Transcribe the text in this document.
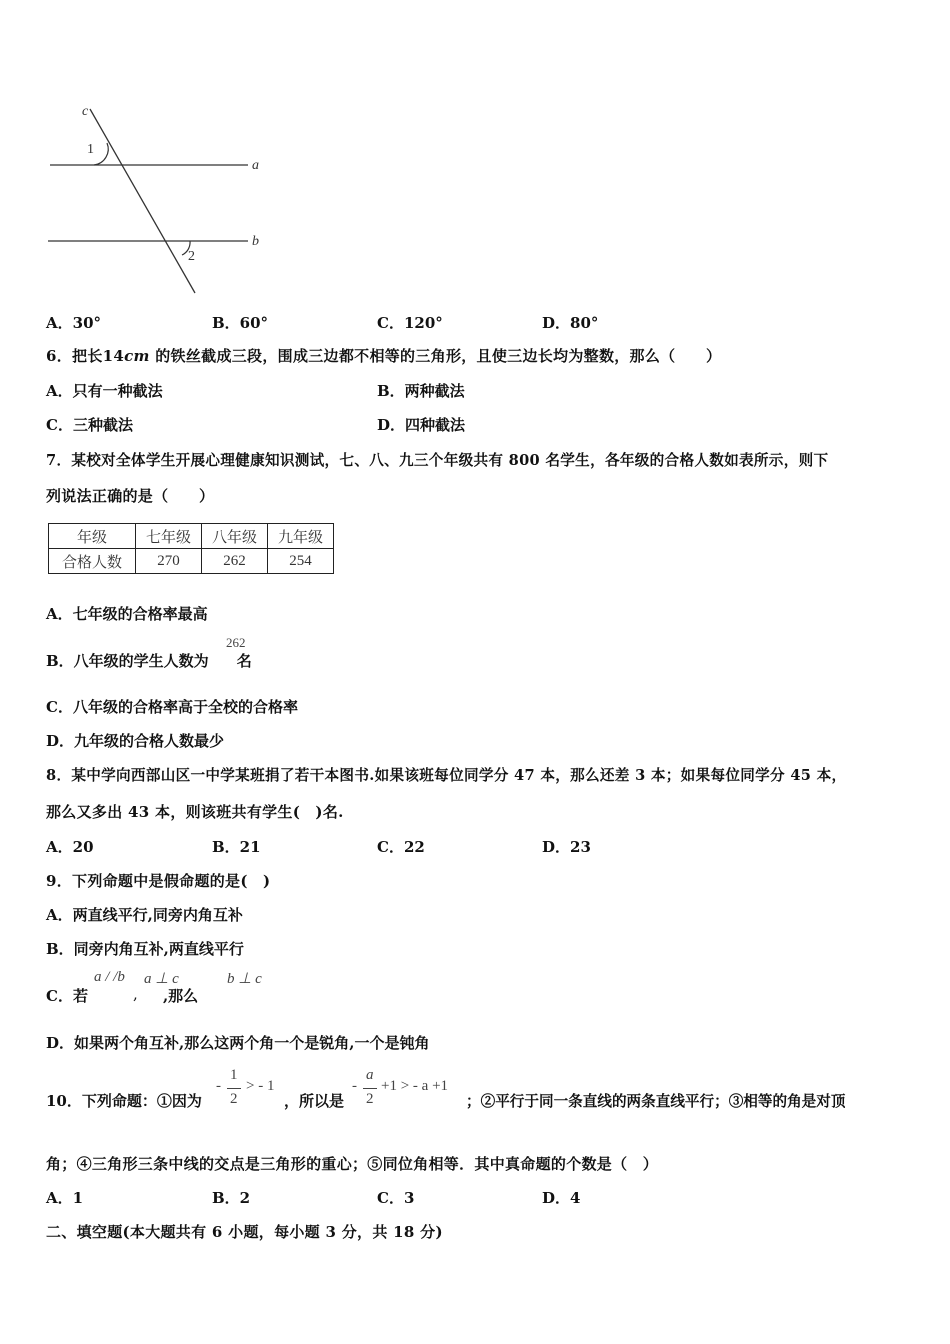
c
a
b
1
2
A．30°	B．60°	C．120°	D．80°
6．把长14cm 的铁丝截成三段，围成三边都不相等的三角形，且使三边长均为整数，那么（　　）
A．只有一种截法	B．两种截法
C．三种截法	D．四种截法
7．某校对全体学生开展心理健康知识测试，七、八、九三个年级共有 800 名学生，各年级的合格人数如表所示，则下
列说法正确的是（　　）
年级	七年级	八年级	九年级
合格人数	270	262	254
A．七年级的合格率最高
B．八年级的学生人数为 名
262
C．八年级的合格率高于全校的合格率
D．九年级的合格人数最少
8．某中学向西部山区一中学某班捐了若干本图书.如果该班每位同学分 47 本，那么还差 3 本；如果每位同学分 45 本，
那么又多出 43 本，则该班共有学生(　)名.
A．20	B．21	C．22	D．23
9．下列命题中是假命题的是(　)
A．两直线平行,同旁内角互补
B．同旁内角互补,两直线平行
C．若	,那么
a / /b
,
a ⊥ c	b ⊥ c
D．如果两个角互补,那么这两个角一个是锐角,一个是钝角
10．下列命题：①因为
-
1
2
> - 1
，所以是
-
a
2
+1 > - a +1
；②平行于同一条直线的两条直线平行；③相等的角是对顶
角；④三角形三条中线的交点是三角形的重心；⑤同位角相等．其中真命题的个数是（　）
A．1	B．2	C．3	D．4
二、填空题(本大题共有 6 小题，每小题 3 分，共 18 分)
